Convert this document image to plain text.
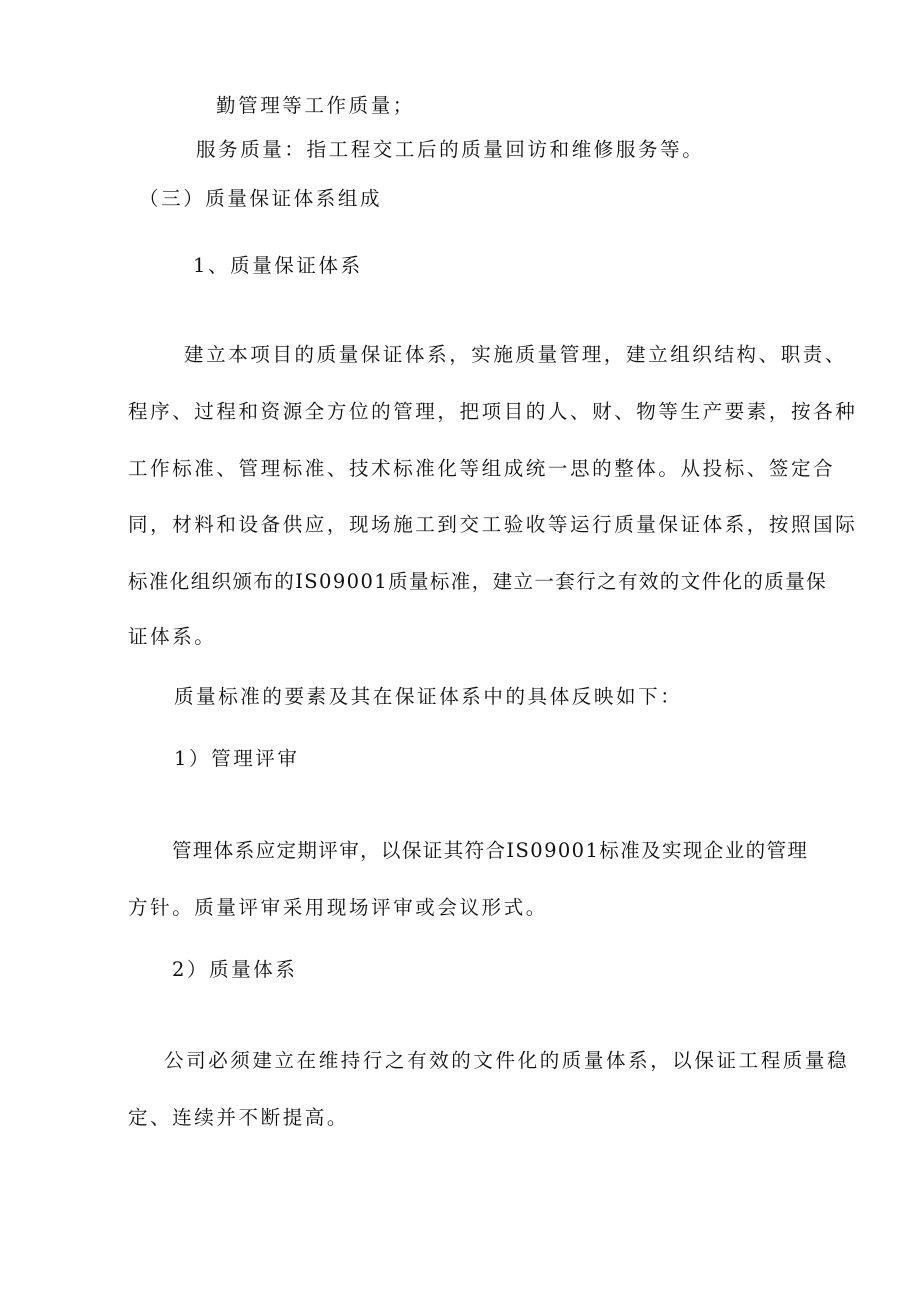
勤管理等工作质量；
服务质量：指工程交工后的质量回访和维修服务等。
（三）质量保证体系组成
1、质量保证体系
建立本项目的质量保证体系，实施质量管理，建立组织结构、职责、
程序、过程和资源全方位的管理，把项目的人、财、物等生产要素，按各种
工作标准、管理标准、技术标准化等组成统一思的整体。从投标、签定合
同，材料和设备供应，现场施工到交工验收等运行质量保证体系，按照国际
标准化组织颁布的IS09001质量标准，建立一套行之有效的文件化的质量保
证体系。
质量标准的要素及其在保证体系中的具体反映如下：
1）管理评审
管理体系应定期评审，以保证其符合IS09001标准及实现企业的管理
方针。质量评审采用现场评审或会议形式。
2）质量体系
公司必须建立在维持行之有效的文件化的质量体系，以保证工程质量稳
定、连续并不断提高。
